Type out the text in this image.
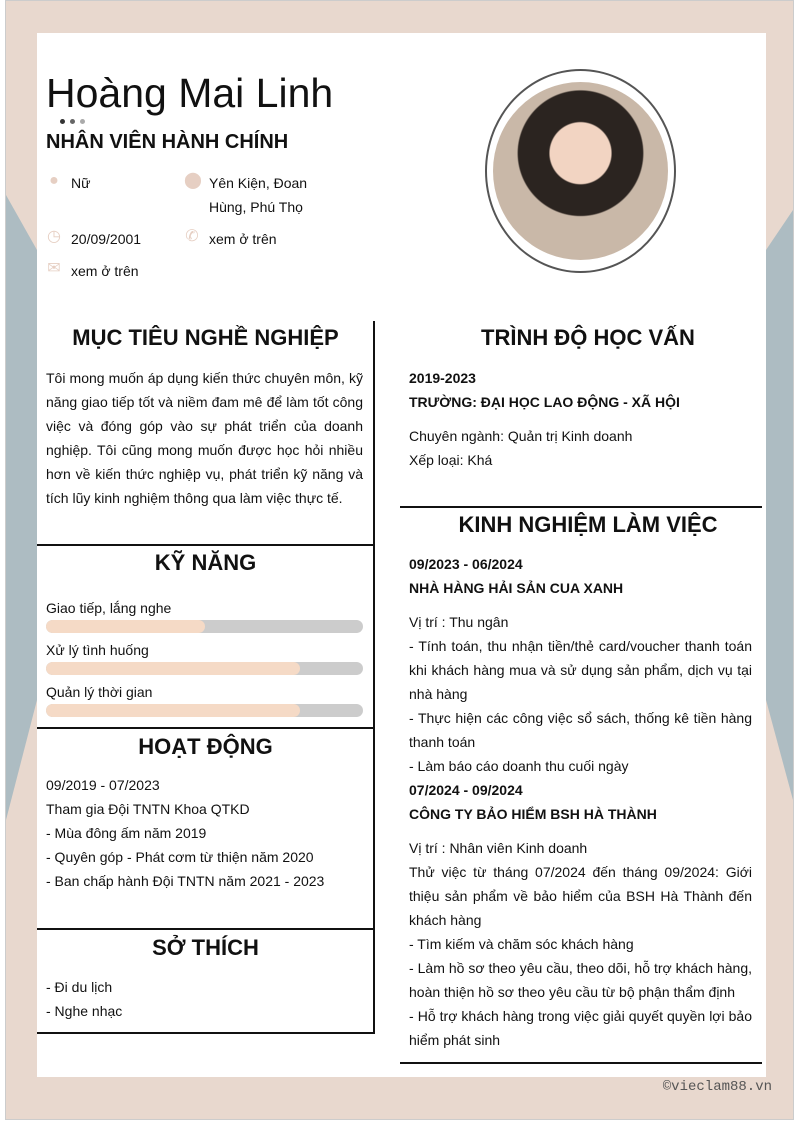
Hoàng Mai Linh
NHÂN VIÊN HÀNH CHÍNH
● Nữ	⬤ Yên Kiện, Đoan Hùng, Phú Thọ
◷ 20/09/2001	✆ xem ở trên
✉ xem ở trên
MỤC TIÊU NGHỀ NGHIỆP
Tôi mong muốn áp dụng kiến thức chuyên môn, kỹ năng giao tiếp tốt và niềm đam mê để làm tốt công việc và đóng góp vào sự phát triển của doanh nghiệp. Tôi cũng mong muốn được học hỏi nhiều hơn về kiến thức nghiệp vụ, phát triển kỹ năng và tích lũy kinh nghiệm thông qua làm việc thực tế.
KỸ NĂNG
Giao tiếp, lắng nghe
Xử lý tình huống
Quản lý thời gian
HOẠT ĐỘNG
09/2019 - 07/2023
Tham gia Đội TNTN Khoa QTKD
- Mùa đông ấm năm 2019
- Quyên góp - Phát cơm từ thiện năm 2020
- Ban chấp hành Đội TNTN năm 2021 - 2023
SỞ THÍCH
- Đi du lịch
- Nghe nhạc
TRÌNH ĐỘ HỌC VẤN
2019-2023
TRƯỜNG: ĐẠI HỌC LAO ĐỘNG - XÃ HỘI
Chuyên ngành: Quản trị Kinh doanh
Xếp loại: Khá
KINH NGHIỆM LÀM VIỆC
09/2023 - 06/2024
NHÀ HÀNG HẢI SẢN CUA XANH
Vị trí : Thu ngân
- Tính toán, thu nhận tiền/thẻ card/voucher thanh toán khi khách hàng mua và sử dụng sản phẩm, dịch vụ tại nhà hàng
- Thực hiện các công việc sổ sách, thống kê tiền hàng thanh toán
- Làm báo cáo doanh thu cuối ngày
07/2024 - 09/2024
CÔNG TY BẢO HIỂM BSH HÀ THÀNH
Vị trí : Nhân viên Kinh doanh
Thử việc từ tháng 07/2024 đến tháng 09/2024: Giới thiệu sản phẩm về bảo hiểm của BSH Hà Thành đến khách hàng
- Tìm kiếm và chăm sóc khách hàng
- Làm hồ sơ theo yêu cầu, theo dõi, hỗ trợ khách hàng, hoàn thiện hồ sơ theo yêu cầu từ bộ phận thẩm định
- Hỗ trợ khách hàng trong việc giải quyết quyền lợi bảo hiểm phát sinh
©vieclam88.vn
